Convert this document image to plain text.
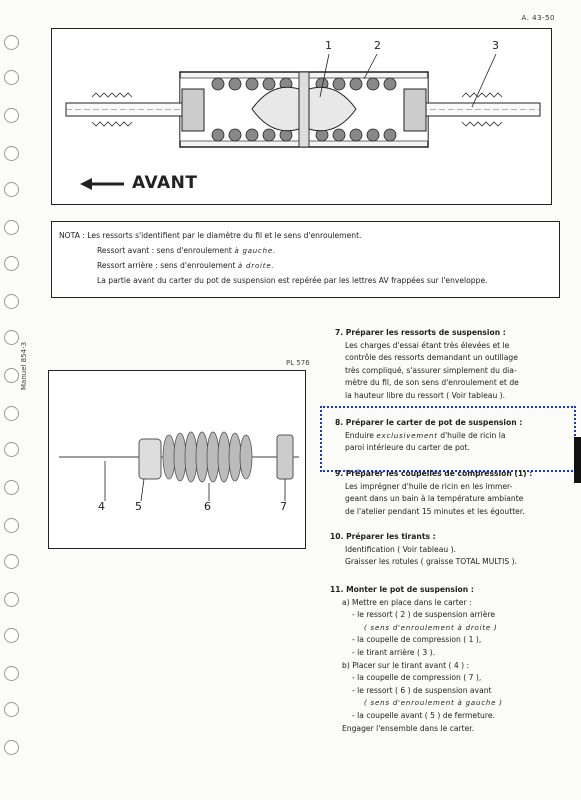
A. 43-50
1	2	3
AVANT
NOTA : Les ressorts s'identifient par le diamètre du fil et le sens d'enroulement.
Ressort avant : sens d'enroulement à gauche.
Ressort arrière : sens d'enroulement à droite.
La partie avant du carter du pot de suspension est repérée par les lettres AV frappées sur l'enveloppe.
Manuel 854-3	PL 576
4	5	6	7
7. Préparer les ressorts de suspension :
Les charges d'essai étant très élevées et le
contrôle des ressorts demandant un outillage
très compliqué, s'assurer simplement du dia-
mètre du fil, de son sens d'enroulement et de
la hauteur libre du ressort ( Voir tableau ).
8. Préparer le carter de pot de suspension :
Enduire exclusivement d'huile de ricin la
paroi intérieure du carter de pot.
9. Préparer les coupelles de compression (1) :
Les imprégner d'huile de ricin en les immer-
geant dans un bain à la température ambiante
de l'atelier pendant 15 minutes et les égoutter.
10. Préparer les tirants :
Identification ( Voir tableau ).
Graisser les rotules ( graisse TOTAL MULTIS ).
11. Monter le pot de suspension :
a) Mettre en place dans le carter :
- le ressort ( 2 ) de suspension arrière
( sens d'enroulement à droite )
- la coupelle de compression ( 1 ),
- le tirant arrière ( 3 ).
b) Placer sur le tirant avant ( 4 ) :
- la coupelle de compression ( 7 ),
- le ressort ( 6 ) de suspension avant
( sens d'enroulement à gauche )
- la coupelle avant ( 5 ) de fermeture.
Engager l'ensemble dans le carter.
